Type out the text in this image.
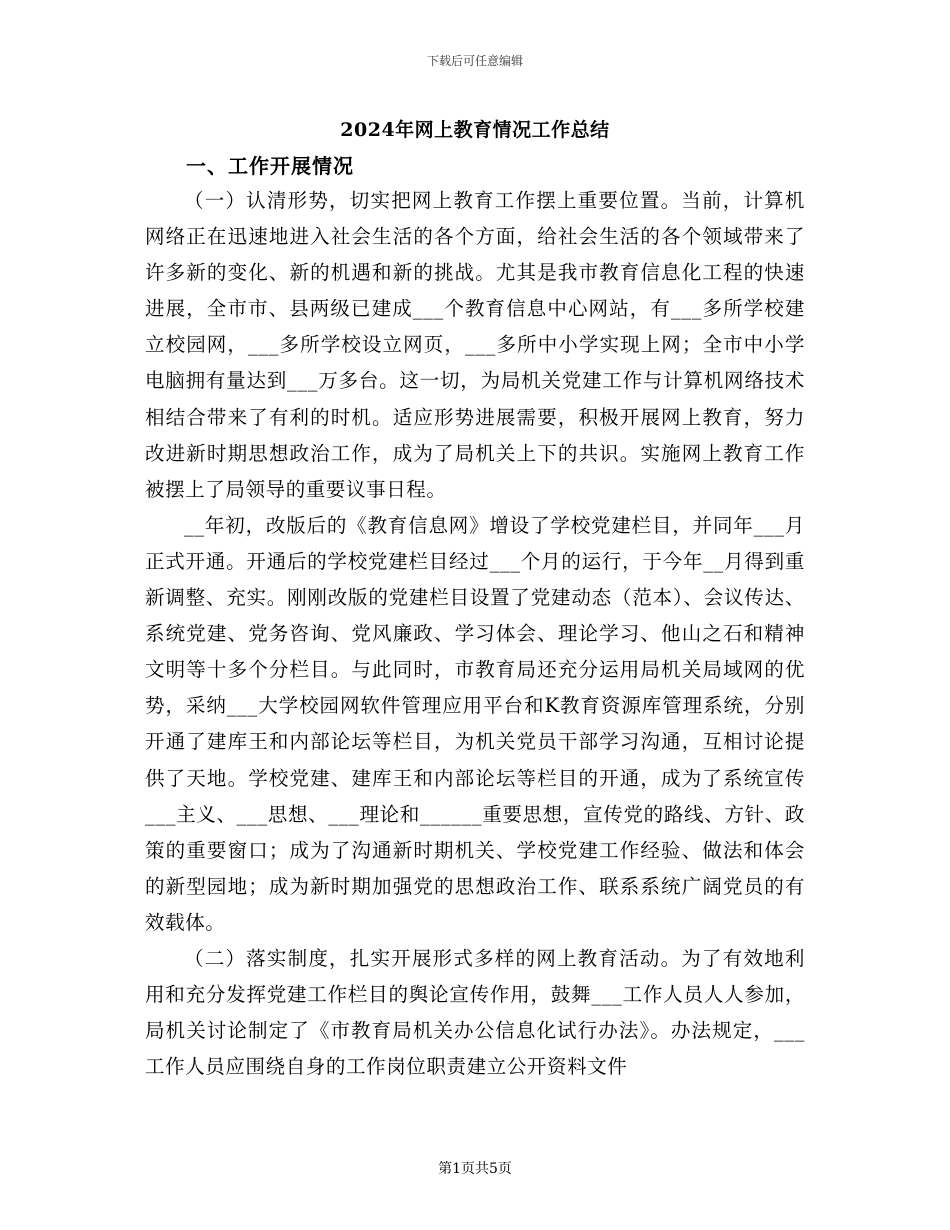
下载后可任意编辑
2024年网上教育情况工作总结
一、工作开展情况

（一）认清形势，切实把网上教育工作摆上重要位置。当前，计算机网络正在迅速地进入社会生活的各个方面，给社会生活的各个领域带来了许多新的变化、新的机遇和新的挑战。尤其是我市教育信息化工程的快速进展，全市市、县两级已建成___个教育信息中心网站，有___多所学校建立校园网，___多所学校设立网页，___多所中小学实现上网；全市中小学电脑拥有量达到___万多台。这一切，为局机关党建工作与计算机网络技术相结合带来了有利的时机。适应形势进展需要，积极开展网上教育，努力改进新时期思想政治工作，成为了局机关上下的共识。实施网上教育工作被摆上了局领导的重要议事日程。

__年初，改版后的《教育信息网》增设了学校党建栏目，并同年___月正式开通。开通后的学校党建栏目经过___个月的运行，于今年__月得到重新调整、充实。刚刚改版的党建栏目设置了党建动态（范本）、会议传达、系统党建、党务咨询、党风廉政、学习体会、理论学习、他山之石和精神文明等十多个分栏目。与此同时，市教育局还充分运用局机关局域网的优势，采纳___大学校园网软件管理应用平台和K教育资源库管理系统，分别开通了建库王和内部论坛等栏目，为机关党员干部学习沟通，互相讨论提供了天地。学校党建、建库王和内部论坛等栏目的开通，成为了系统宣传___主义、___思想、___理论和______重要思想，宣传党的路线、方针、政策的重要窗口；成为了沟通新时期机关、学校党建工作经验、做法和体会的新型园地；成为新时期加强党的思想政治工作、联系系统广阔党员的有效载体。

（二）落实制度，扎实开展形式多样的网上教育活动。为了有效地利用和充分发挥党建工作栏目的舆论宣传作用，鼓舞___工作人员人人参加，局机关讨论制定了《市教育局机关办公信息化试行办法》。办法规定，___工作人员应围绕自身的工作岗位职责建立公开资料文件

第1页共5页
